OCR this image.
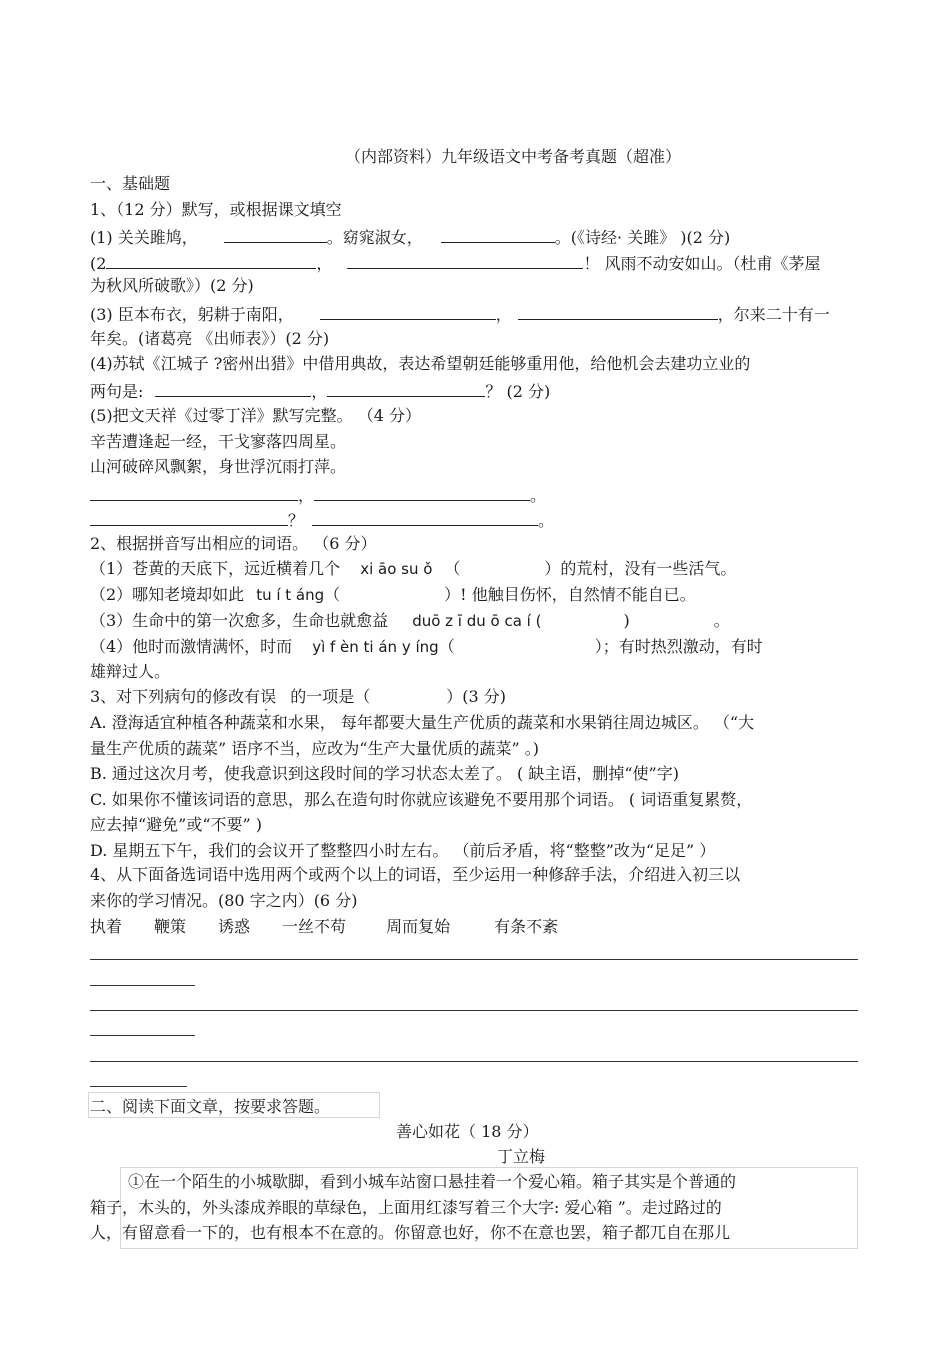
（内部资料）九年级语文中考备考真题（超准）
一、基础题
1、（12 分）默写，或根据课文填空
(1) 关关雎鸠，	。窈窕淑女，	。(《诗经· 关雎》 )(2 分)
(2	，	！ 风雨不动安如山。（杜甫《茅屋
为秋风所破歌》）(2 分)
(3) 臣本布衣，躬耕于南阳，	，	，尔来二十有一
年矣。(诸葛亮 《出师表》）(2 分)
(4)苏轼《江城子 ?密州出猎》中借用典故，表达希望朝廷能够重用他，给他机会去建功立业的
两句是:	，	？ (2 分)
(5)把文天祥《过零丁洋》默写完整。 （4 分）
辛苦遭逢起一经，干戈寥落四周星。
山河破碎风飘絮，身世浮沉雨打萍。
，	。
？	。
2、根据拼音写出相应的词语。 （6 分）
（1）苍黄的天底下，远近横着几个 xi āo su ǒ （	）的荒村，没有一些活气。
（2）哪知老境却如此 tu í t áng（	）! 他触目伤怀，自然情不能自已。
（3）生命中的第一次愈多，生命也就愈益 duō z ī du ō ca í (	)	。
（4）他时而激情满怀，时而 yì f èn ti án y íng（	）；有时热烈激动，有时
雄辩过人。
3、对下列病句的修改有误 的一项是（	）(3 分)
A. 澄海适宜种植各种蔬菜和水果， 每年都要大量生产优质的蔬菜和水果销往周边城区。 （“大
量生产优质的蔬菜” 语序不当，应改为“生产大量优质的蔬菜” 。)
B. 通过这次月考，使我意识到这段时间的学习状态太差了。 ( 缺主语，删掉“使”字)
C. 如果你不懂该词语的意思，那么在造句时你就应该避免不要用那个词语。 ( 词语重复累赘，
应去掉“避免”或“不要” )
D. 星期五下午，我们的会议开了整整四小时左右。 （前后矛盾，将“整整”改为“足足” ）
4、从下面备选词语中选用两个或两个以上的词语，至少运用一种修辞手法，介绍进入初三以
来你的学习情况。(80 字之内）(6 分)
执着 鞭策 诱惑 一丝不苟	周而复始	有条不紊
二、阅读下面文章，按要求答题。
善心如花（ 18 分）
丁立梅
①在一个陌生的小城歇脚，看到小城车站窗口悬挂着一个爱心箱。箱子其实是个普通的
箱子，木头的，外头漆成养眼的草绿色，上面用红漆写着三个大字: 爱心箱 ”。走过路过的
人，有留意看一下的，也有根本不在意的。你留意也好，你不在意也罢，箱子都兀自在那儿
